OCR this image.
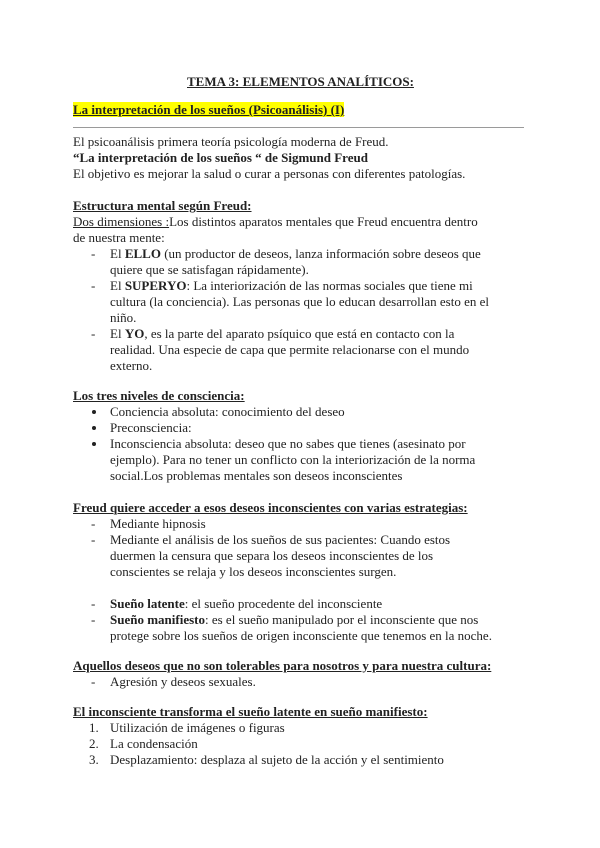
TEMA 3: ELEMENTOS ANALÍTICOS:
La interpretación de los sueños (Psicoanálisis) (I)
El psicoanálisis primera teoría psicología moderna de Freud.
“La interpretación de los sueños “ de Sigmund Freud
El objetivo es mejorar la salud o curar a personas con diferentes patologías.
Estructura mental según Freud:
Dos dimensiones :Los distintos aparatos mentales que Freud encuentra dentro
de nuestra mente:
- El ELLO (un productor de deseos, lanza información sobre deseos que
quiere que se satisfagan rápidamente).
- El SUPERYO: La interiorización de las normas sociales que tiene mi
cultura (la conciencia). Las personas que lo educan desarrollan esto en el
niño.
- El YO, es la parte del aparato psíquico que está en contacto con la
realidad. Una especie de capa que permite relacionarse con el mundo
externo.
Los tres niveles de consciencia:
Conciencia absoluta: conocimiento del deseo
Preconsciencia:
Inconsciencia absoluta: deseo que no sabes que tienes (asesinato por
ejemplo). Para no tener un conflicto con la interiorización de la norma
social.Los problemas mentales son deseos inconscientes
Freud quiere acceder a esos deseos inconscientes con varias estrategias:
- Mediante hipnosis
- Mediante el análisis de los sueños de sus pacientes: Cuando estos
duermen la censura que separa los deseos inconscientes de los
conscientes se relaja y los deseos inconscientes surgen.
- Sueño latente: el sueño procedente del inconsciente
- Sueño manifiesto: es el sueño manipulado por el inconsciente que nos
protege sobre los sueños de origen inconsciente que tenemos en la noche.
Aquellos deseos que no son tolerables para nosotros y para nuestra cultura:
- Agresión y deseos sexuales.
El inconsciente transforma el sueño latente en sueño manifiesto:
1. Utilización de imágenes o figuras
2. La condensación
3. Desplazamiento: desplaza al sujeto de la acción y el sentimiento
